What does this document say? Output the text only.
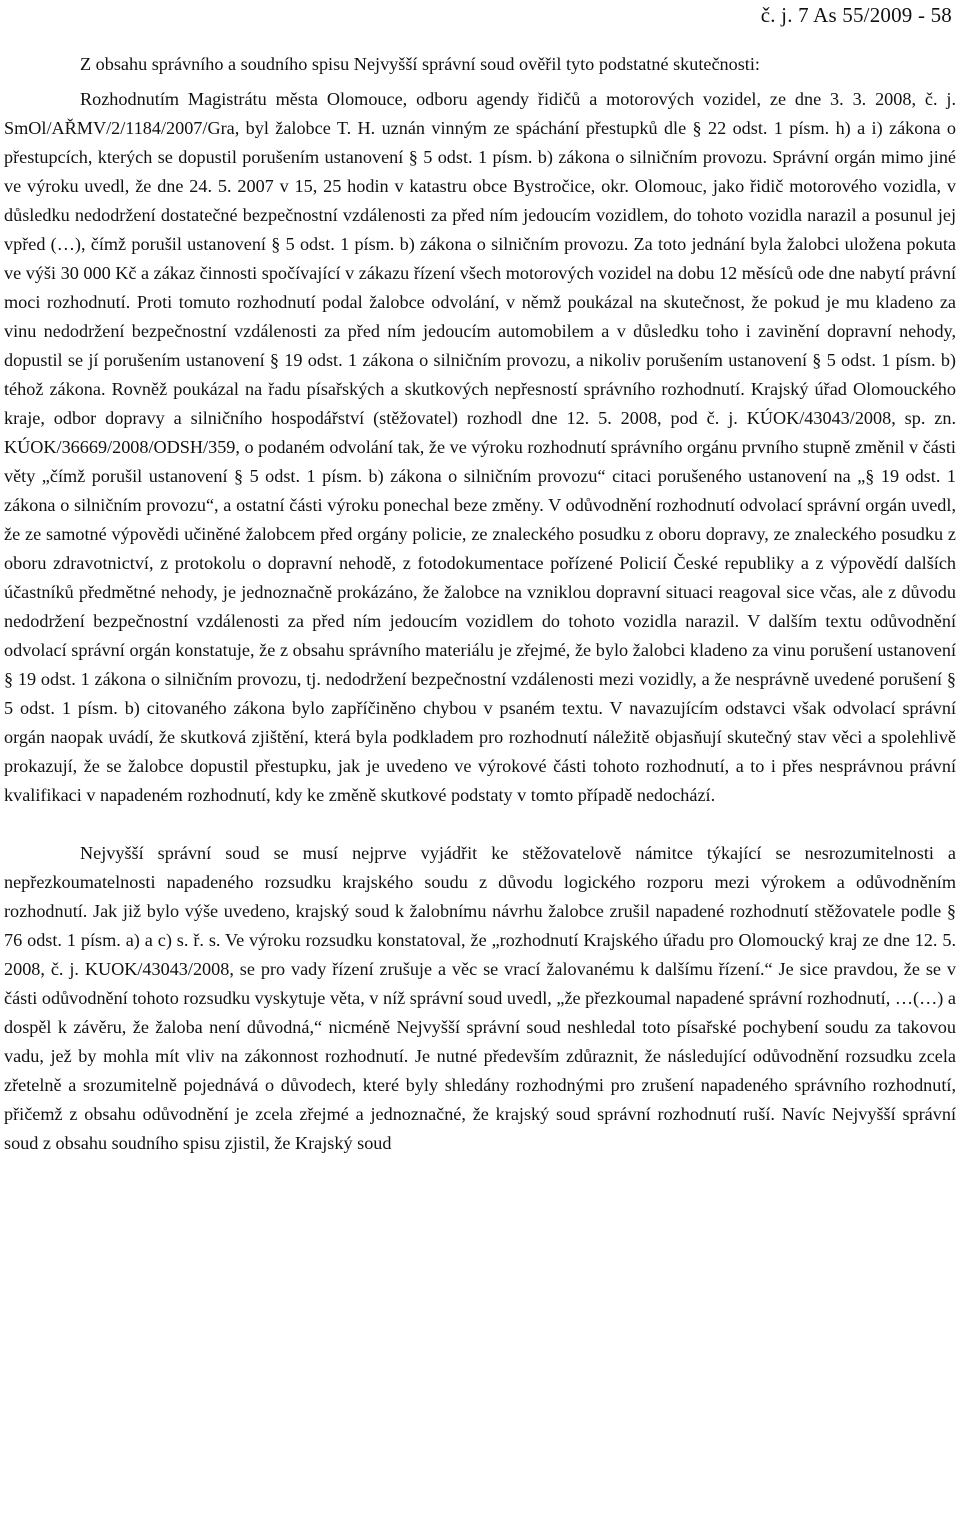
č. j. 7 As 55/2009 - 58

Z obsahu správního a soudního spisu Nejvyšší správní soud ověřil tyto podstatné skutečnosti:

Rozhodnutím Magistrátu města Olomouce, odboru agendy řidičů a motorových vozidel, ze dne 3. 3. 2008, č. j. SmOl/AŘMV/2/1184/2007/Gra, byl žalobce T. H. uznán vinným ze spáchání přestupků dle § 22 odst. 1 písm. h) a i) zákona o přestupcích, kterých se dopustil porušením ustanovení § 5 odst. 1 písm. b) zákona o silničním provozu. Správní orgán mimo jiné ve výroku uvedl, že dne 24. 5. 2007 v 15, 25 hodin v katastru obce Bystročice, okr. Olomouc, jako řidič motorového vozidla, v důsledku nedodržení dostatečné bezpečnostní vzdálenosti za před ním jedoucím vozidlem, do tohoto vozidla narazil a posunul jej vpřed (…), čímž porušil ustanovení § 5 odst. 1 písm. b) zákona o silničním provozu. Za toto jednání byla žalobci uložena pokuta ve výši 30 000 Kč a zákaz činnosti spočívající v zákazu řízení všech motorových vozidel na dobu 12 měsíců ode dne nabytí právní moci rozhodnutí. Proti tomuto rozhodnutí podal žalobce odvolání, v němž poukázal na skutečnost, že pokud je mu kladeno za vinu nedodržení bezpečnostní vzdálenosti za před ním jedoucím automobilem a v důsledku toho i zavinění dopravní nehody, dopustil se jí porušením ustanovení § 19 odst. 1 zákona o silničním provozu, a nikoliv porušením ustanovení § 5 odst. 1 písm. b) téhož zákona. Rovněž poukázal na řadu písařských a skutkových nepřesností správního rozhodnutí. Krajský úřad Olomouckého kraje, odbor dopravy a silničního hospodářství (stěžovatel) rozhodl dne 12. 5. 2008, pod č. j. KÚOK/43043/2008, sp. zn. KÚOK/36669/2008/ODSH/359, o podaném odvolání tak, že ve výroku rozhodnutí správního orgánu prvního stupně změnil v části věty „čímž porušil ustanovení § 5 odst. 1 písm. b) zákona o silničním provozu“ citaci porušeného ustanovení na „§ 19 odst. 1 zákona o silničním provozu“, a ostatní části výroku ponechal beze změny. V odůvodnění rozhodnutí odvolací správní orgán uvedl, že ze samotné výpovědi učiněné žalobcem před orgány policie, ze znaleckého posudku z oboru dopravy, ze znaleckého posudku z oboru zdravotnictví, z protokolu o dopravní nehodě, z fotodokumentace pořízené Policií České republiky a z výpovědí dalších účastníků předmětné nehody, je jednoznačně prokázáno, že žalobce na vzniklou dopravní situaci reagoval sice včas, ale z důvodu nedodržení bezpečnostní vzdálenosti za před ním jedoucím vozidlem do tohoto vozidla narazil. V dalším textu odůvodnění odvolací správní orgán konstatuje, že z obsahu správního materiálu je zřejmé, že bylo žalobci kladeno za vinu porušení ustanovení § 19 odst. 1 zákona o silničním provozu, tj. nedodržení bezpečnostní vzdálenosti mezi vozidly, a že nesprávně uvedené porušení § 5 odst. 1 písm. b) citovaného zákona bylo zapříčiněno chybou v psaném textu. V navazujícím odstavci však odvolací správní orgán naopak uvádí, že skutková zjištění, která byla podkladem pro rozhodnutí náležitě objasňují skutečný stav věci a spolehlivě prokazují, že se žalobce dopustil přestupku, jak je uvedeno ve výrokové části tohoto rozhodnutí, a to i přes nesprávnou právní kvalifikaci v napadeném rozhodnutí, kdy ke změně skutkové podstaty v tomto případě nedochází.

Nejvyšší správní soud se musí nejprve vyjádřit ke stěžovatelově námitce týkající se nesrozumitelnosti a nepřezkoumatelnosti napadeného rozsudku krajského soudu z důvodu logického rozporu mezi výrokem a odůvodněním rozhodnutí. Jak již bylo výše uvedeno, krajský soud k žalobnímu návrhu žalobce zrušil napadené rozhodnutí stěžovatele podle § 76 odst. 1 písm. a) a c) s. ř. s. Ve výroku rozsudku konstatoval, že „rozhodnutí Krajského úřadu pro Olomoucký kraj ze dne 12. 5. 2008, č. j. KUOK/43043/2008, se pro vady řízení zrušuje a věc se vrací žalovanému k dalšímu řízení.“ Je sice pravdou, že se v části odůvodnění tohoto rozsudku vyskytuje věta, v níž správní soud uvedl, „že přezkoumal napadené správní rozhodnutí, …(…) a dospěl k závěru, že žaloba není důvodná,“ nicméně Nejvyšší správní soud neshledal toto písařské pochybení soudu za takovou vadu, jež by mohla mít vliv na zákonnost rozhodnutí. Je nutné především zdůraznit, že následující odůvodnění rozsudku zcela zřetelně a srozumitelně pojednává o důvodech, které byly shledány rozhodnými pro zrušení napadeného správního rozhodnutí, přičemž z obsahu odůvodnění je zcela zřejmé a jednoznačné, že krajský soud správní rozhodnutí ruší. Navíc Nejvyšší správní soud z obsahu soudního spisu zjistil, že Krajský soud
